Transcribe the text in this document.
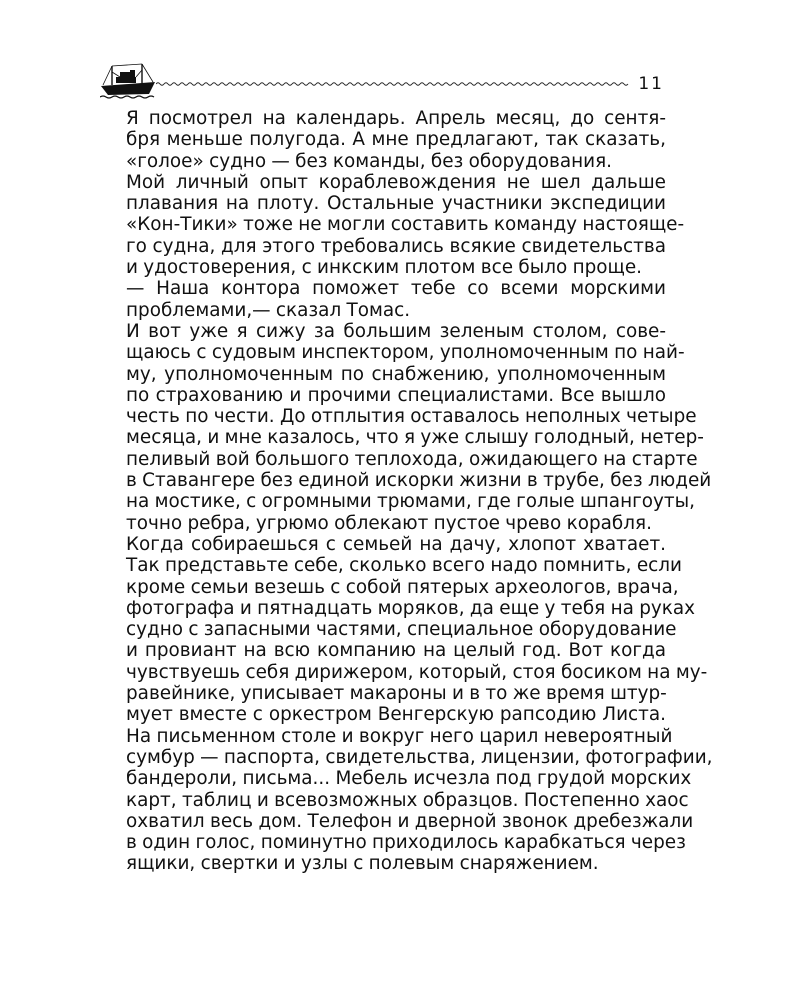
11

Я посмотрел на календарь. Апрель месяц, до сентя-
бря меньше полугода. А мне предлагают, так сказать,
«голое» судно — без команды, без оборудования.

Мой личный опыт кораблевождения не шел дальше
плавания на плоту. Остальные участники экспедиции
«Кон-Тики» тоже не могли составить команду настояще-
го судна, для этого требовались всякие свидетельства
и удостоверения, с инкским плотом все было проще.

— Наша контора поможет тебе со всеми морскими
проблемами,— сказал Томас.

И вот уже я сижу за большим зеленым столом, сове-
щаюсь с судовым инспектором, уполномоченным по най-
му, уполномоченным по снабжению, уполномоченным
по страхованию и прочими специалистами. Все вышло
честь по чести. До отплытия оставалось неполных четыре
месяца, и мне казалось, что я уже слышу голодный, нетер-
пеливый вой большого теплохода, ожидающего на старте
в Ставангере без единой искорки жизни в трубе, без людей
на мостике, с огромными трюмами, где голые шпангоуты,
точно ребра, угрюмо облекают пустое чрево корабля.

Когда собираешься с семьей на дачу, хлопот хватает.
Так представьте себе, сколько всего надо помнить, если
кроме семьи везешь с собой пятерых археологов, врача,
фотографа и пятнадцать моряков, да еще у тебя на руках
судно с запасными частями, специальное оборудование
и провиант на всю компанию на целый год. Вот когда
чувствуешь себя дирижером, который, стоя босиком на му-
равейнике, уписывает макароны и в то же время штур-
мует вместе с оркестром Венгерскую рапсодию Листа.
На письменном столе и вокруг него царил невероятный
сумбур — паспорта, свидетельства, лицензии, фотографии,
бандероли, письма... Мебель исчезла под грудой морских
карт, таблиц и всевозможных образцов. Постепенно хаос
охватил весь дом. Телефон и дверной звонок дребезжали
в один голос, поминутно приходилось карабкаться через
ящики, свертки и узлы с полевым снаряжением.
